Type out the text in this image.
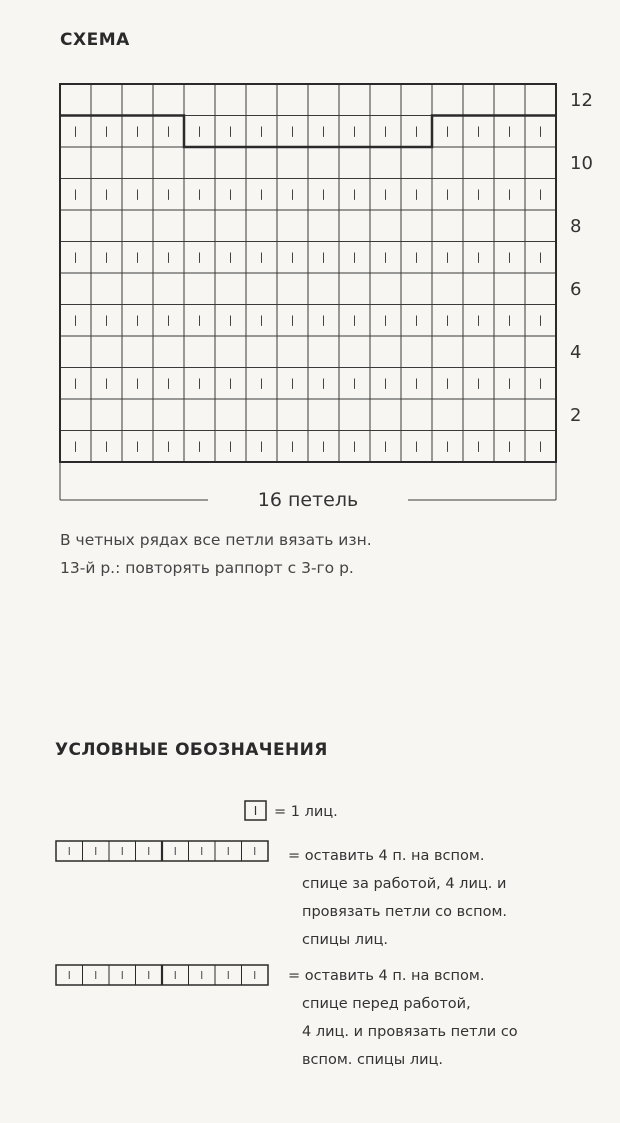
СХЕМА
12
10
8
6
4
2
16 петель
В четных рядах все петли вязать изн.
13-й р.: повторять раппорт с 3-го р.
УСЛОВНЫЕ ОБОЗНАЧЕНИЯ
= 1 лиц.
= оставить 4 п. на вспом.
спице за работой, 4 лиц. и
провязать петли со вспом.
спицы лиц.
= оставить 4 п. на вспом.
спице перед работой,
4 лиц. и провязать петли со
вспом. спицы лиц.
